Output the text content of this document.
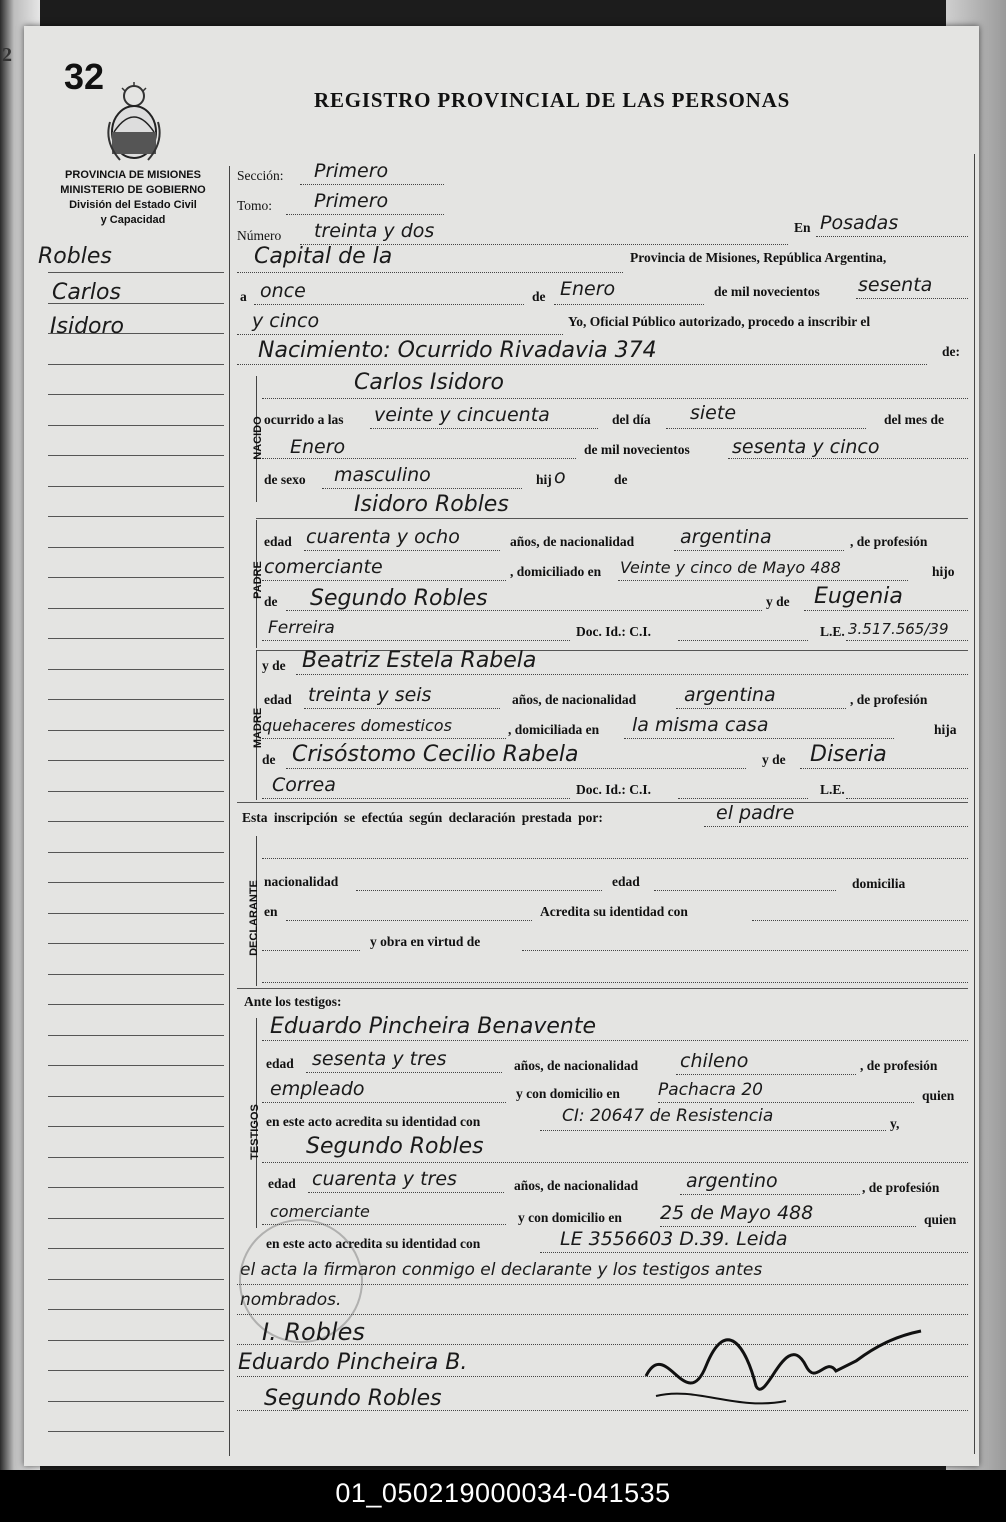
2
32
REGISTRO PROVINCIAL DE LAS PERSONAS
PROVINCIA DE MISIONES
MINISTERIO DE GOBIERNO
División del Estado Civil
y Capacidad
Robles
Carlos
Isidoro
Sección: Primero
Tomo: Primero
Número treinta y dos	En Posadas
Capital de la	Provincia de Misiones, República Argentina,
a once	de Enero	de mil novecientos sesenta
y cinco	Yo, Oficial Público autorizado, procedo a inscribir el
Nacimiento: Ocurrido Rivadavia 374	de:
NACIDO
Carlos Isidoro
ocurrido a las veinte y cincuenta	del día siete	del mes de
Enero	de mil novecientos sesenta y cinco
de sexo masculino	hij o	de
Isidoro Robles
PADRE
edad cuarenta y ocho	años, de nacionalidad argentina	, de profesión
comerciante	, domiciliado en Veinte y cinco de Mayo 488	hijo
de Segundo Robles	y de Eugenia
Ferreira	Doc. Id.: C.I.	L.E. 3.517.565/39
MADRE
y de Beatriz Estela Rabela
edad treinta y seis	años, de nacionalidad	argentina	, de profesión
quehaceres domesticos	, domiciliada en la misma casa	hija
de Crisóstomo Cecilio Rabela	y de Diseria
Correa	Doc. Id.: C.I.	L.E.
Esta inscripción se efectúa según declaración prestada por:	el padre
DECLARANTE nacionalidad	edad	domicilia
en	Acredita su identidad con
y obra en virtud de
Ante los testigos:
TESTIGOS
Eduardo Pincheira Benavente
edad sesenta y tres	años, de nacionalidad chileno	, de profesión
empleado	y con domicilio en Pachacra 20	quien
en este acto acredita su identidad con	CI: 20647 de Resistencia	y,
Segundo Robles
edad cuarenta y tres	años, de nacionalidad	argentino	, de profesión
comerciante	y con domicilio en 25 de Mayo 488	quien
en este acto acredita su identidad con	LE 3556603 D.39. Leida
el acta la firmaron conmigo el declarante y los testigos antes
nombrados.
I. Robles
Eduardo Pincheira B.
Segundo Robles
01_050219000034-041535
